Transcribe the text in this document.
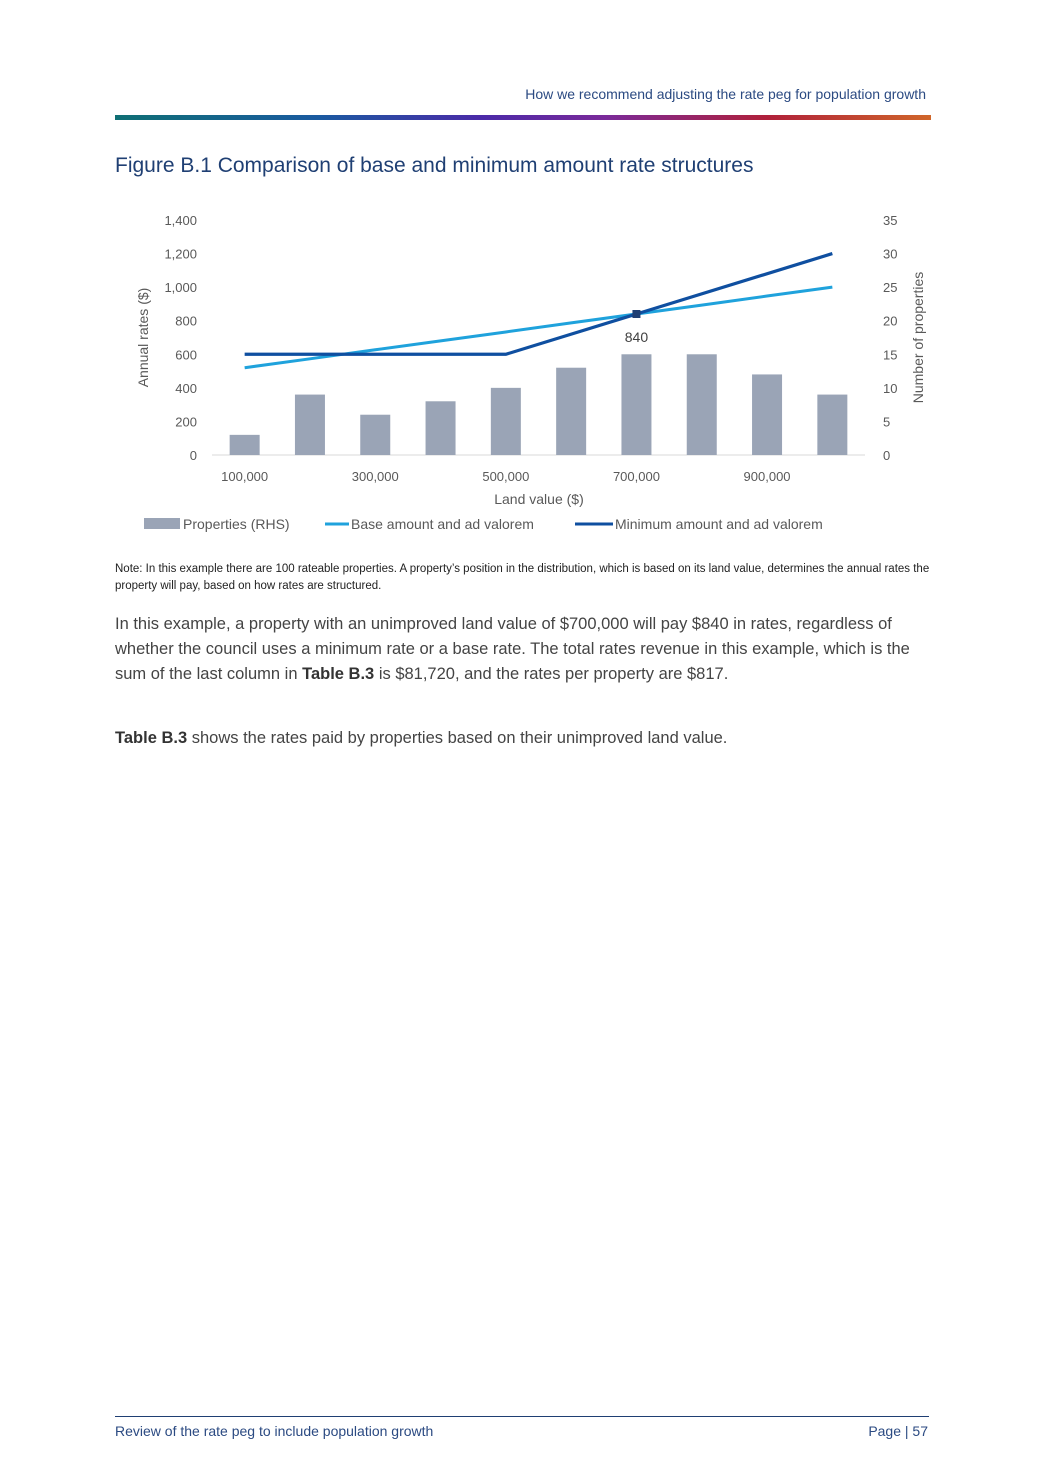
How we recommend adjusting the rate peg for population growth
Figure B.1 Comparison of base and minimum amount rate structures
0
200
400
600
800
1,000
1,200
1,400
0
5
10
15
20
25
30
35
100,000	300,000	500,000	700,000	900,000
840
Annual rates ($)	Number of properties
Land value ($)
Properties (RHS)	Base amount and ad valorem	Minimum amount and ad valorem
Note: In this example there are 100 rateable properties. A property’s position in the distribution, which is based on its land value, determines the annual rates the property will pay, based on how rates are structured.
In this example, a property with an unimproved land value of $700,000 will pay $840 in rates, regardless of whether the council uses a minimum rate or a base rate. The total rates revenue in this example, which is the sum of the last column in Table B.3 is $81,720, and the rates per property are $817.
Table B.3 shows the rates paid by properties based on their unimproved land value.
Review of the rate peg to include population growth	Page | 57
